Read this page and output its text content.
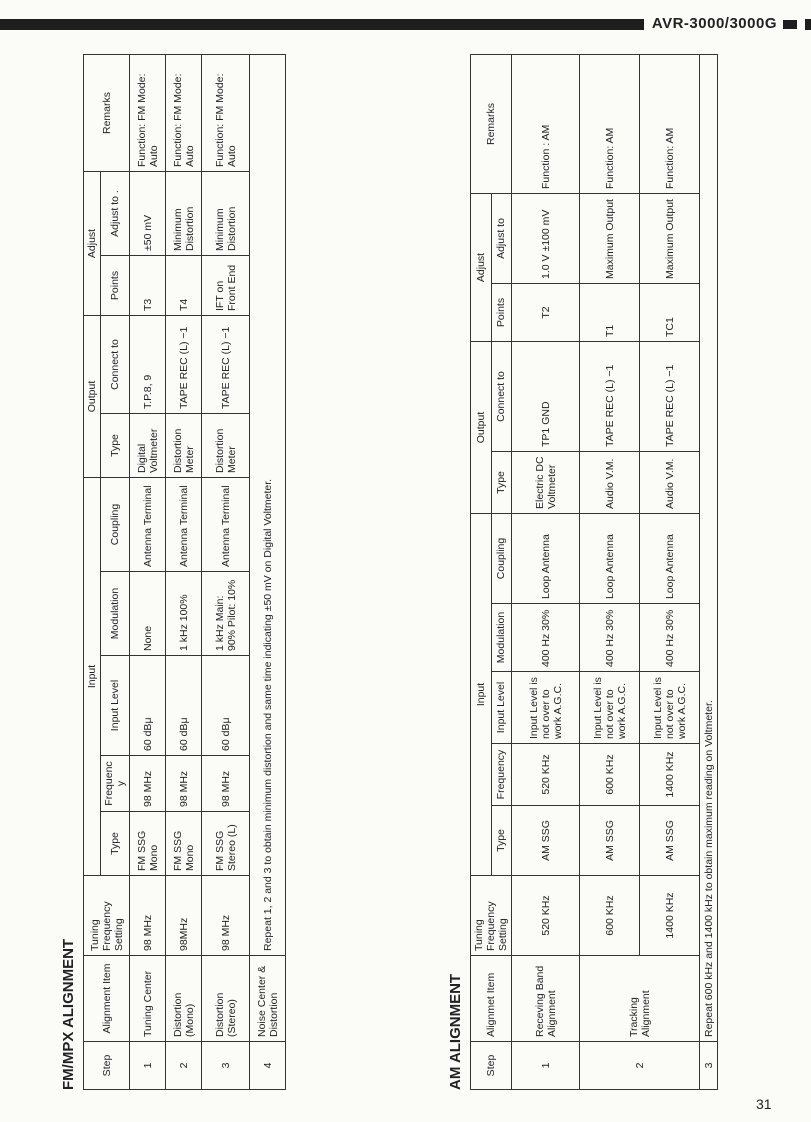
AVR-3000/3000G
FM/MPX ALIGNMENT Step	Alignment Item	Tuning Frequency Setting	Input					Output		Adjust		Remarks
			Type	Frequency	Input Level	Modulation	Coupling	Type	Connect to	Points	Adjust to .	
1	Tuning Center	98 MHz	FM SSG Mono	98 MHz	60 dBμ	None	Antenna Terminal	Digital Voltmeter	T.P.8, 9	T3	±50 mV	Function: FM Mode: Auto
2	Distortion (Mono)	98MHz	FM SSG Mono	98 MHz	60 dBμ	1 kHz 100%	Antenna Terminal	Distortion Meter	TAPE REC (L) −1	T4	Minimum Distortion	Function: FM Mode: Auto
3	Distortion (Stereo)	98 MHz	FM SSG Stereo (L)	98 MHz	60 dBμ	1 kHz Main: 90% Pilot: 10%	Antenna Terminal	Distortion Meter	TAPE REC (L) −1	IFT on Front End	Minimum Distortion	Function: FM Mode: Auto
4	Noise Center & Distortion	Repeat 1, 2 and 3 to obtain minimum distortion and same time indicating ±50 mV on Digital Voltmeter.										
AM ALIGNMENT Step	Alignmet Item	Tuning Frequency Setting	Input					Output		Adjust		Remarks
			Type	Frequency	Input Level	Modulation	Coupling	Type	Connect to	Points	Adjust to	
1	Receving Band Alignment	520 KHz	AM SSG	520 KHz	Input Level is not over to work A.G.C.	400 Hz 30%	Loop Antenna	Electric DC Voltmeter	TP1 GND	T2	1.0 V ±100 mV	Function : AM
2	Tracking Alignment	600 KHz	AM SSG	600 KHz	Input Level is not over to work A.G.C.	400 Hz 30%	Loop Antenna	Audio V.M.	TAPE REC (L) −1	T1	Maximum Output	Function: AM
		1400 KHz	AM SSG	1400 KHz	Input Level is not over to work A.G.C.	400 Hz 30%	Loop Antenna	Audio V.M.	TAPE REC (L) −1	TC1	Maximum Output	Function: AM
3	Repeat 600 kHz and 1400 kHz to obtain maximum reading on Voltmeter.											
31
